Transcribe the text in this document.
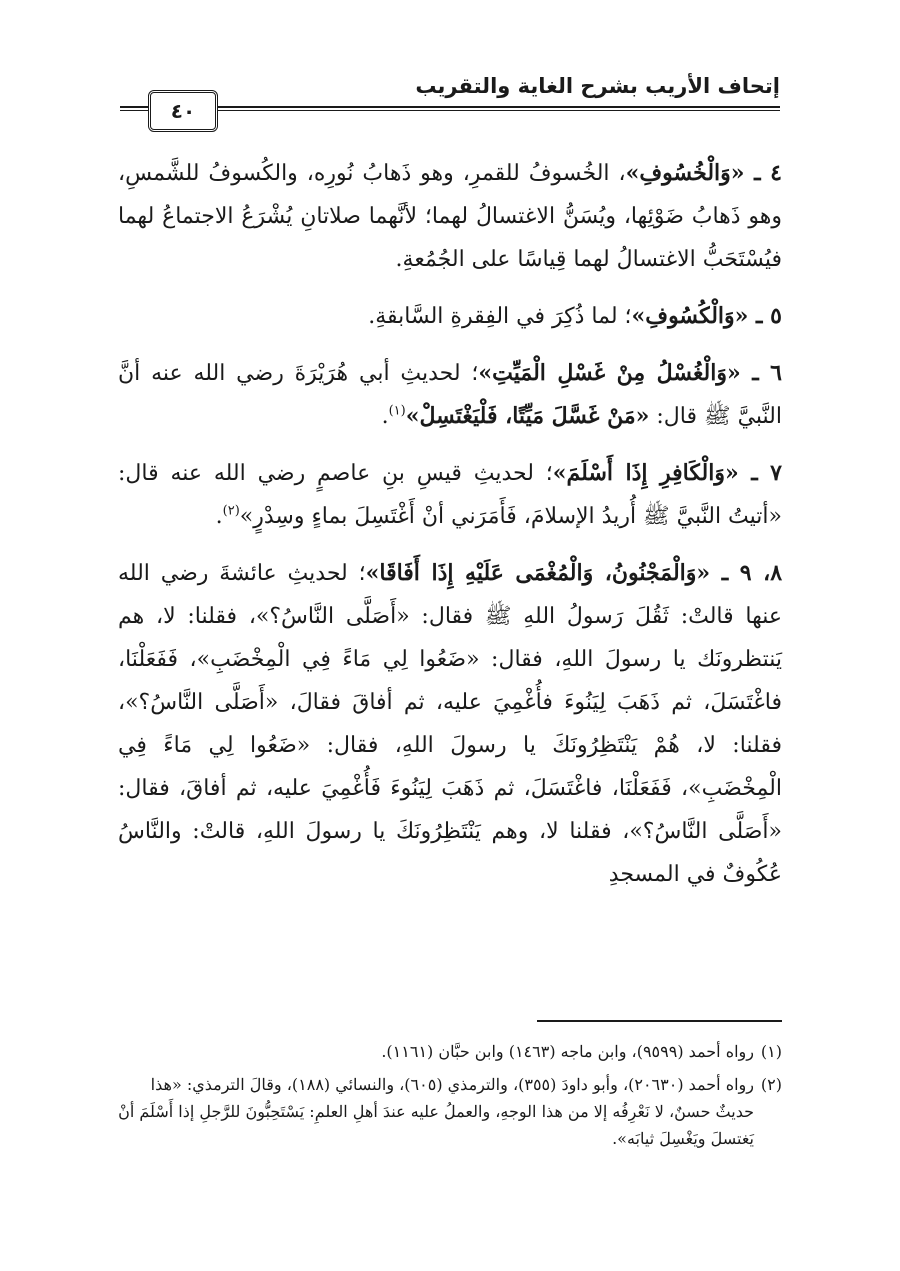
إتحاف الأريب بشرح الغاية والتقريب
٤٠

٤ ـ «وَالْخُسُوفِ»، الخُسوفُ للقمرِ، وهو ذَهابُ نُورِه، والكُسوفُ للشَّمسِ، وهو ذَهابُ ضَوْئِها، ويُسَنُّ الاغتسالُ لهما؛ لأنَّهما صلاتانِ يُشْرَعُ الاجتماعُ لهما فيُسْتَحَبُّ الاغتسالُ لهما قِياسًا على الجُمُعةِ.

٥ ـ «وَالْكُسُوفِ»؛ لما ذُكِرَ في الفِقرةِ السَّابقةِ.

٦ ـ «وَالْغُسْلُ مِنْ غَسْلِ الْمَيِّتِ»؛ لحديثِ أبي هُرَيْرَةَ رضي الله عنه أنَّ النَّبيَّ ﷺ قال: «مَنْ غَسَّلَ مَيِّتًا، فَلْيَغْتَسِلْ»$^{(١)}$.

٧ ـ «وَالْكَافِرِ إِذَا أَسْلَمَ»؛ لحديثِ قيسِ بنِ عاصمٍ رضي الله عنه قال: «أتيتُ النَّبيَّ ﷺ أُريدُ الإسلامَ، فَأَمَرَني أنْ أَغْتَسِلَ بماءٍ وسِدْرٍ»$^{(٢)}$.

٨، ٩ ـ «وَالْمَجْنُونُ، وَالْمُغْمَى عَلَيْهِ إِذَا أَفَاقَا»؛ لحديثِ عائشةَ رضي الله عنها قالتْ: ثَقُلَ رَسولُ اللهِ ﷺ فقال: «أَصَلَّى النَّاسُ؟»، فقلنا: لا، هم يَنتظرونَك يا رسولَ اللهِ، فقال: «ضَعُوا لِي مَاءً فِي الْمِخْضَبِ»، فَفَعَلْنَا، فاغْتَسَلَ، ثم ذَهَبَ لِيَنُوءَ فأُغْمِيَ عليه، ثم أفاقَ فقالَ، «أَصَلَّى النَّاسُ؟»، فقلنا: لا، هُمْ يَنْتَظِرُونَكَ يا رسولَ اللهِ، فقال: «ضَعُوا لِي مَاءً فِي الْمِخْضَبِ»، فَفَعَلْنَا، فاغْتَسَلَ، ثم ذَهَبَ لِيَنُوءَ فَأُغْمِيَ عليه، ثم أفاقَ، فقال: «أَصَلَّى النَّاسُ؟»، فقلنا لا، وهم يَنْتَظِرُونَكَ يا رسولَ اللهِ، قالتْ: والنَّاسُ عُكُوفٌ في المسجدِ

(١)
رواه أحمد (٩٥٩٩)، وابن ماجه (١٤٦٣) وابن حبَّان (١١٦١).

(٢)
رواه أحمد (٢٠٦٣٠)، وأبو داودَ (٣٥٥)، والترمذي (٦٠٥)، والنسائي (١٨٨)، وقالَ الترمذي: «هذا حديثٌ حسنٌ، لا نَعْرِفُه إلا من هذا الوجهِ، والعملُ عليه عندَ أهلِ العلمِ: يَسْتَحِبُّونَ للرَّجلِ إذا أَسْلَمَ أنْ يَغتسلَ ويَغْسِلَ ثيابَه».
